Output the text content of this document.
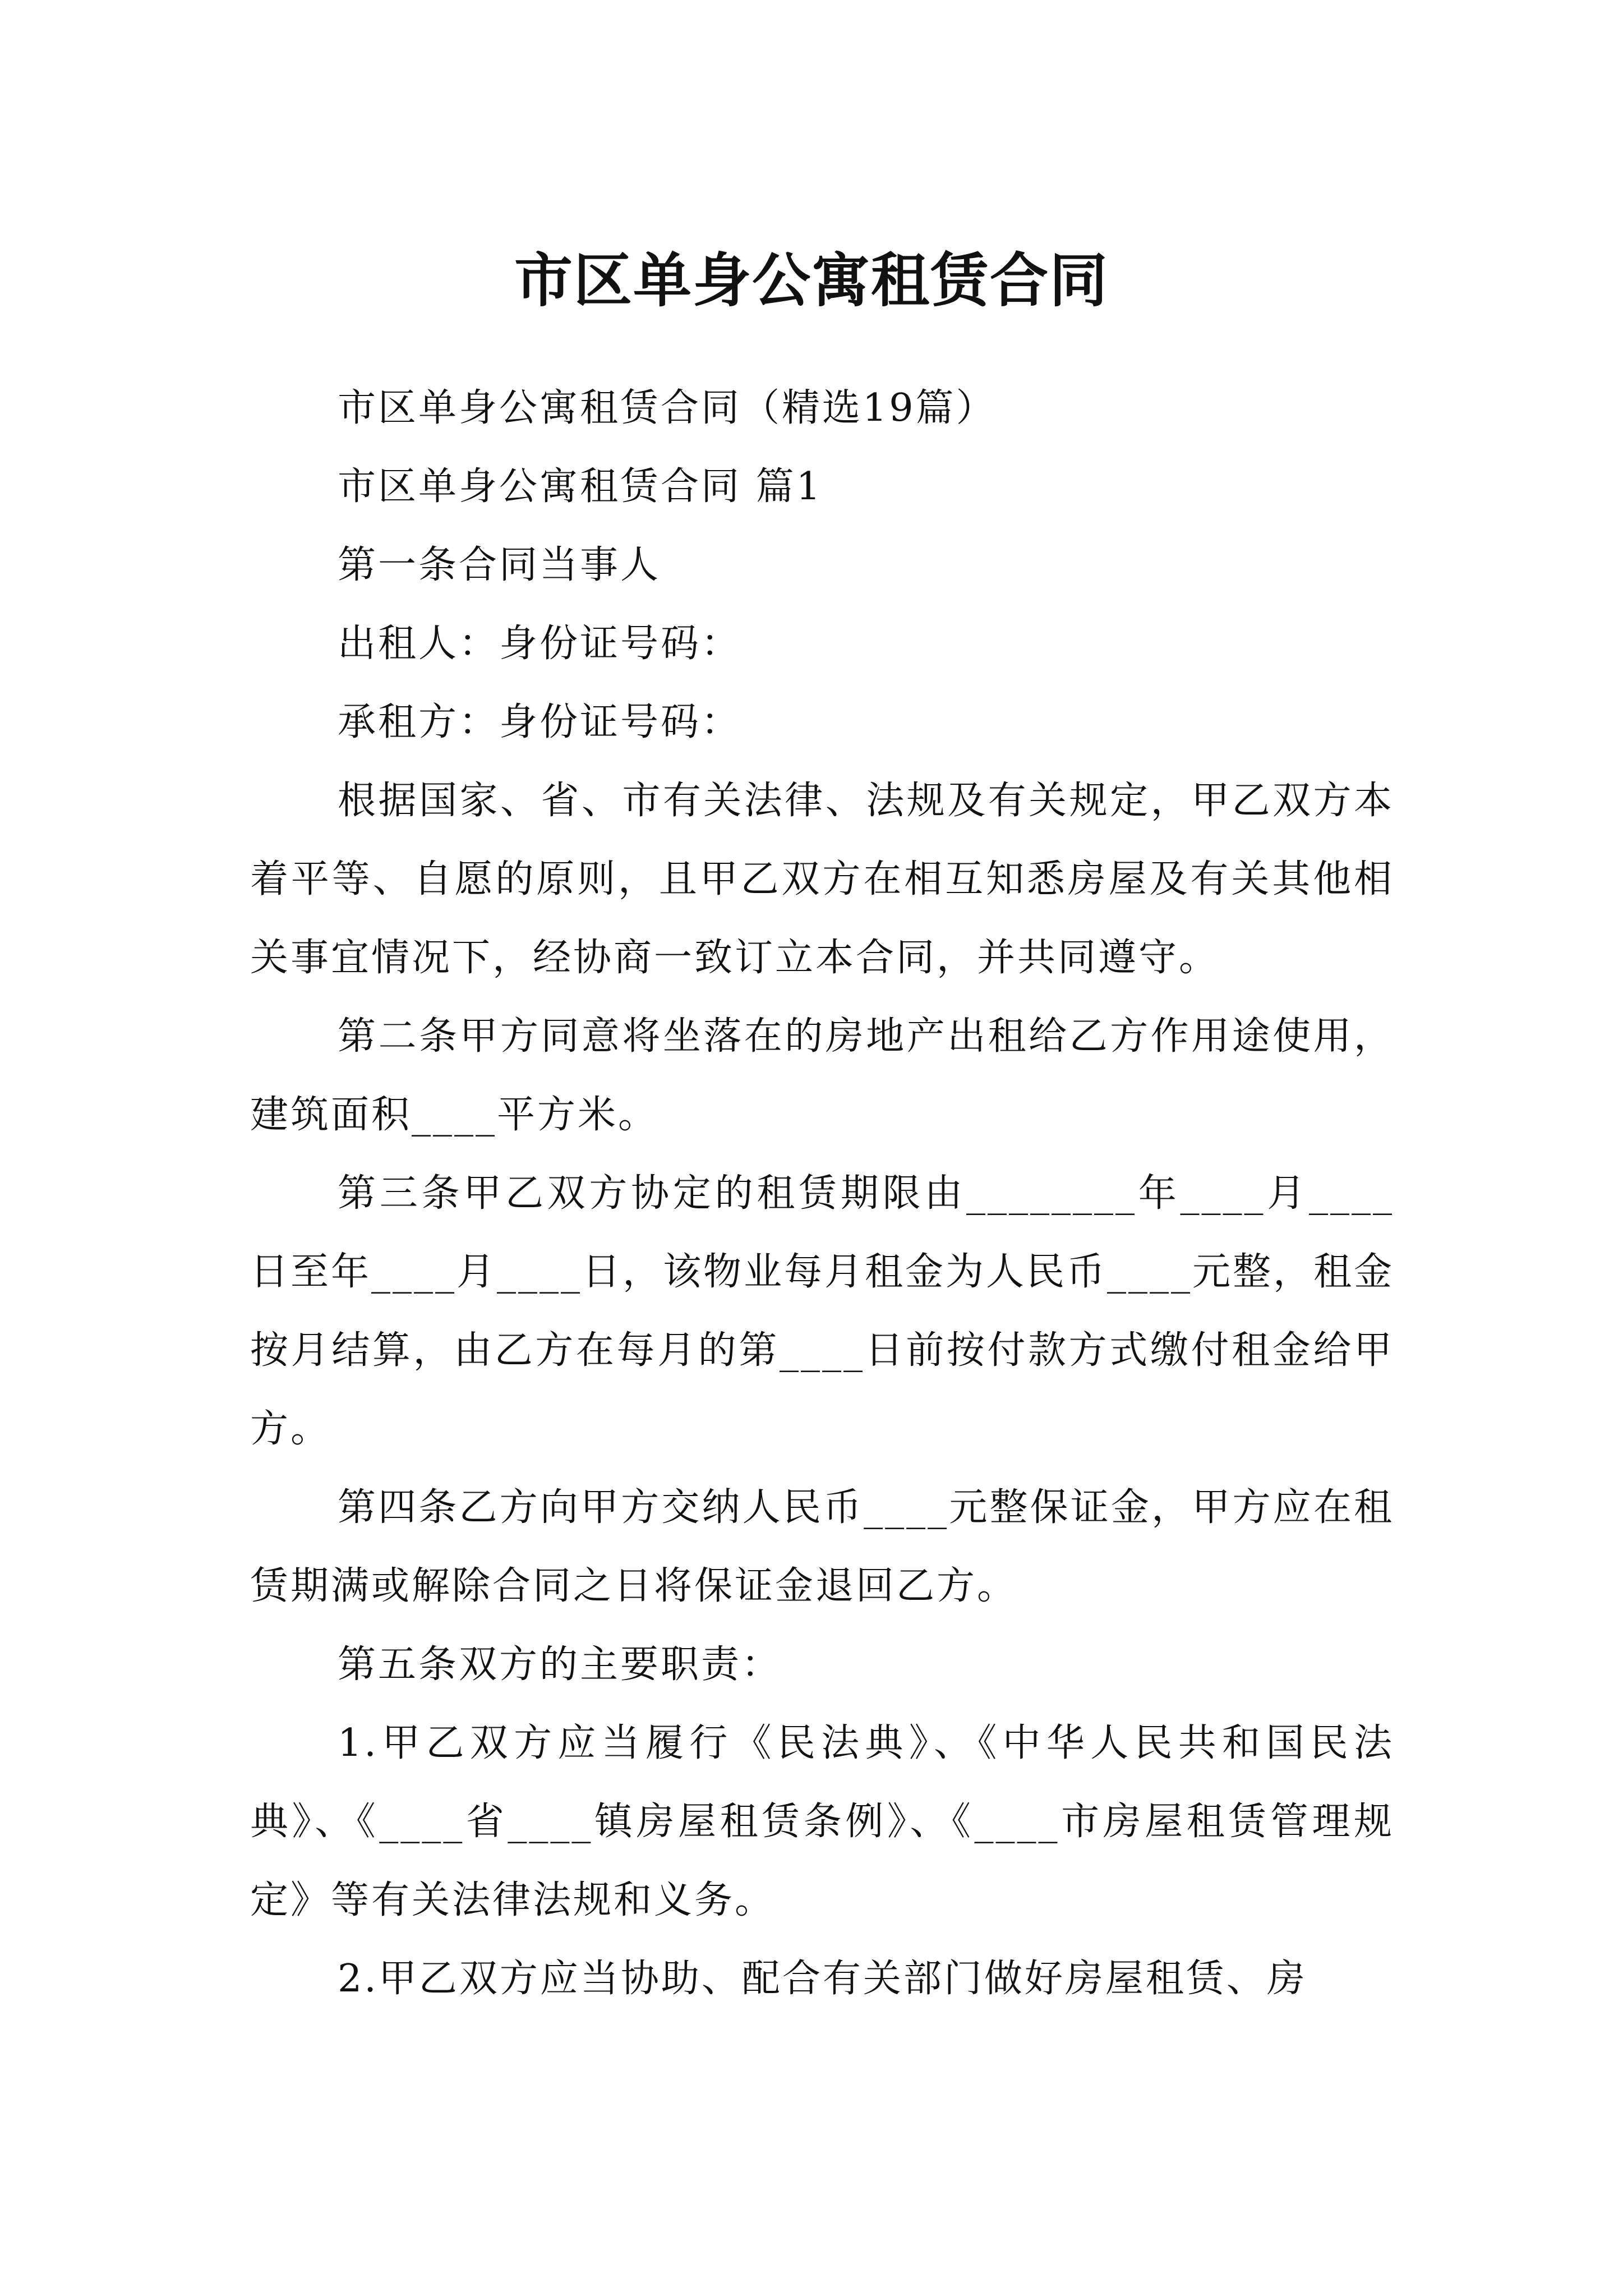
市区单身公寓租赁合同

市区单身公寓租赁合同（精选19篇）

市区单身公寓租赁合同 篇1

第一条合同当事人

出租人：身份证号码：

承租方：身份证号码：

根据国家、省、市有关法律、法规及有关规定，甲乙双方本着平等、自愿的原则，且甲乙双方在相互知悉房屋及有关其他相关事宜情况下，经协商一致订立本合同，并共同遵守。

第二条甲方同意将坐落在的房地产出租给乙方作用途使用，建筑面积____平方米。

第三条甲乙双方协定的租赁期限由________年____月____日至年____月____日，该物业每月租金为人民币____元整，租金按月结算，由乙方在每月的第____日前按付款方式缴付租金给甲方。

第四条乙方向甲方交纳人民币____元整保证金，甲方应在租赁期满或解除合同之日将保证金退回乙方。

第五条双方的主要职责：

1.甲乙双方应当履行《民法典》、《中华人民共和国民法典》、《____省____镇房屋租赁条例》、《____市房屋租赁管理规定》等有关法律法规和义务。

2.甲乙双方应当协助、配合有关部门做好房屋租赁、房
